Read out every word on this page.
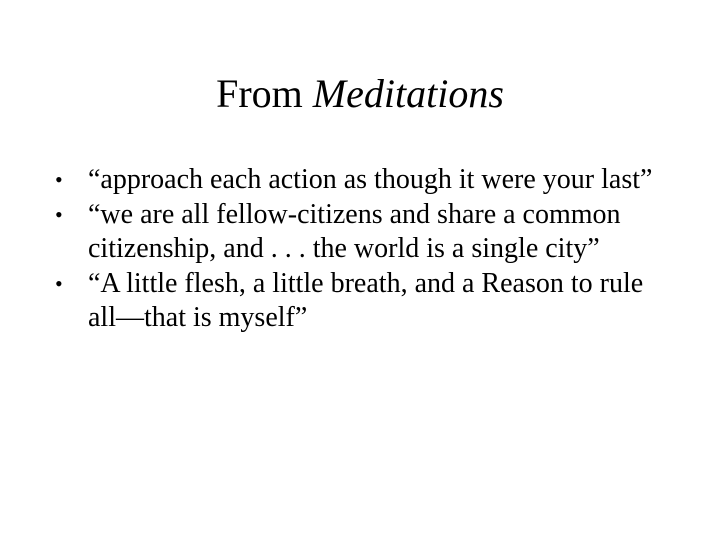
From Meditations
• “approach each action as though it were your last”
• “we are all fellow-citizens and share a common citizenship, and . . . the world is a single city”
• “A little flesh, a little breath, and a Reason to rule all—that is myself”
